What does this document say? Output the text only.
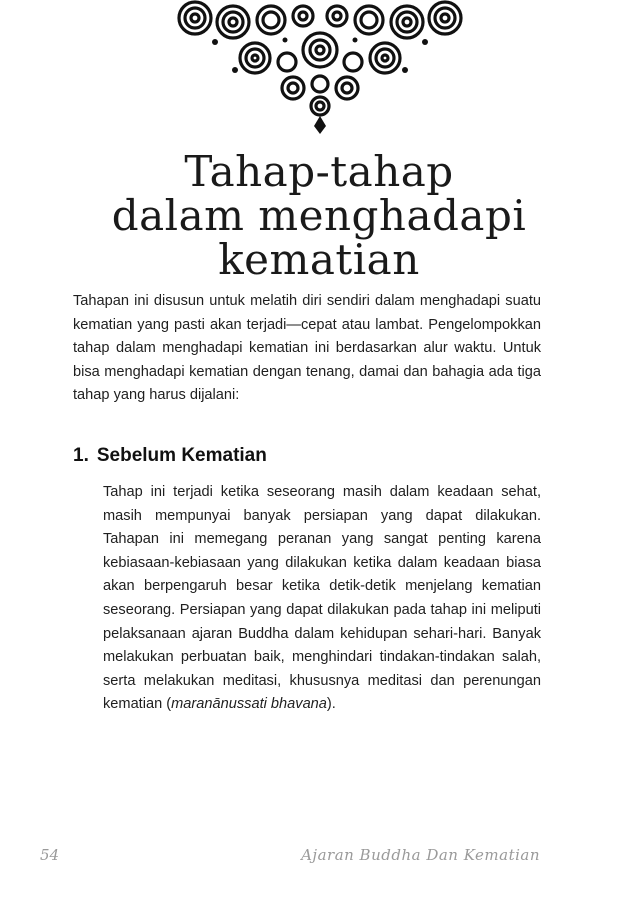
Tahap-tahap
dalam menghadapi
kematian

Tahapan ini disusun untuk melatih diri sendiri dalam menghadapi suatu kematian yang pasti akan terjadi—cepat atau lambat. Pengelompokkan tahap dalam menghadapi kematian ini berdasarkan alur waktu. Untuk bisa menghadapi kematian dengan tenang, damai dan bahagia ada tiga tahap yang harus dijalani:

1. Sebelum Kematian

Tahap ini terjadi ketika seseorang masih dalam keadaan sehat, masih mempunyai banyak persiapan yang dapat dilakukan. Tahapan ini memegang peranan yang sangat penting karena kebiasaan-kebiasaan yang dilakukan ketika dalam keadaan biasa akan berpengaruh besar ketika detik-detik menjelang kematian seseorang. Persiapan yang dapat dilakukan pada tahap ini meliputi pelaksanaan ajaran Buddha dalam kehidupan sehari-hari. Banyak melakukan perbuatan baik, menghindari tindakan-tindakan salah, serta melakukan meditasi, khususnya meditasi dan perenungan kematian (maranānussati bhavana).

54	Ajaran Buddha Dan Kematian
